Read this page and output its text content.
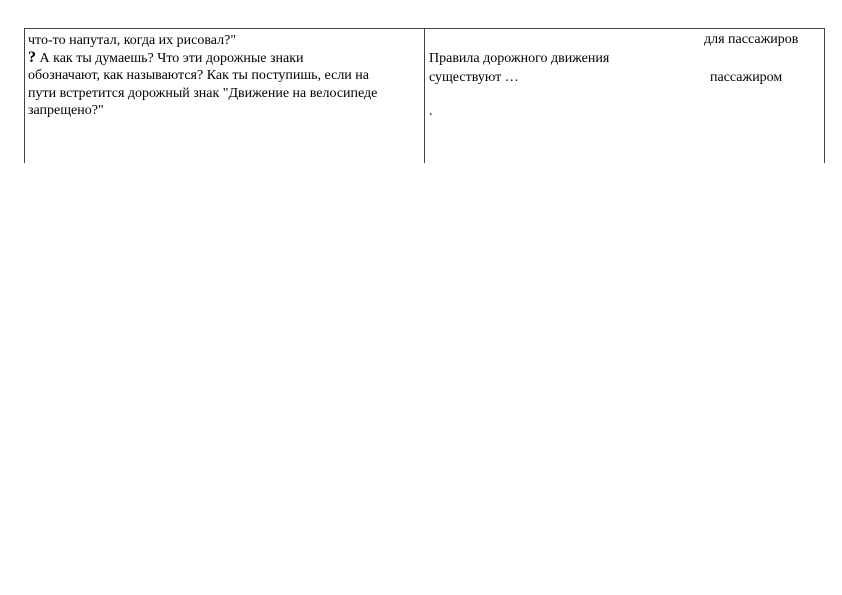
что-то напутал, когда их рисовал?"

? А как ты думаешь? Что эти дорожные знаки

обозначают, как называются? Как ты поступишь, если на

пути встретится дорожный знак "Движение на велосипеде

запрещено?"

для пассажиров
Правила дорожного движения
существуют …	пассажиром
.
